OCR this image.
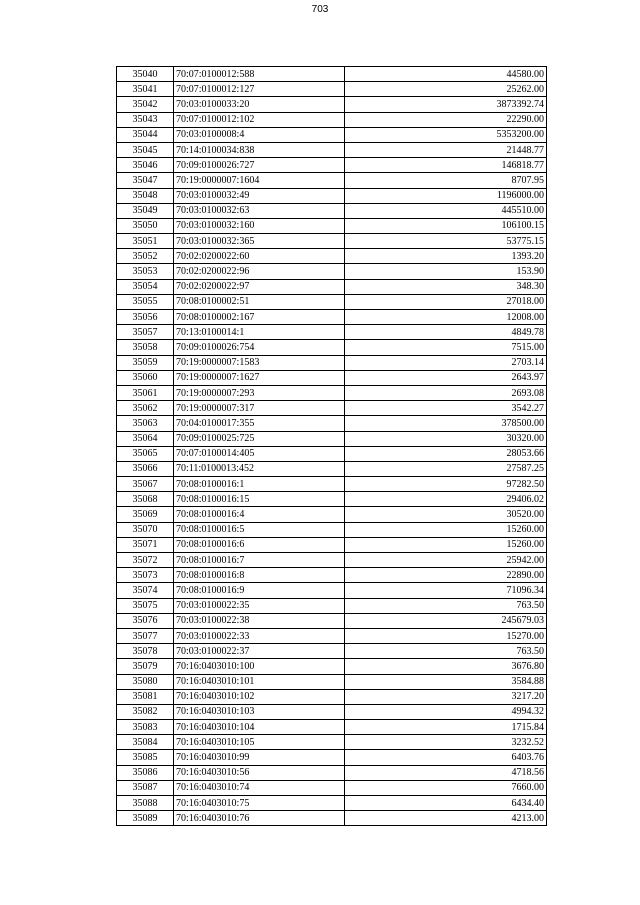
703
35040	70:07:0100012:588	44580.00
35041	70:07:0100012:127	25262.00
35042	70:03:0100033:20	3873392.74
35043	70:07:0100012:102	22290.00
35044	70:03:0100008:4	5353200.00
35045	70:14:0100034:838	21448.77
35046	70:09:0100026:727	146818.77
35047	70:19:0000007:1604	8707.95
35048	70:03:0100032:49	1196000.00
35049	70:03:0100032:63	445510.00
35050	70:03:0100032:160	106100.15
35051	70:03:0100032:365	53775.15
35052	70:02:0200022:60	1393.20
35053	70:02:0200022:96	153.90
35054	70:02:0200022:97	348.30
35055	70:08:0100002:51	27018.00
35056	70:08:0100002:167	12008.00
35057	70:13:0100014:1	4849.78
35058	70:09:0100026:754	7515.00
35059	70:19:0000007:1583	2703.14
35060	70:19:0000007:1627	2643.97
35061	70:19:0000007:293	2693.08
35062	70:19:0000007:317	3542.27
35063	70:04:0100017:355	378500.00
35064	70:09:0100025:725	30320.00
35065	70:07:0100014:405	28053.66
35066	70:11:0100013:452	27587.25
35067	70:08:0100016:1	97282.50
35068	70:08:0100016:15	29406.02
35069	70:08:0100016:4	30520.00
35070	70:08:0100016:5	15260.00
35071	70:08:0100016:6	15260.00
35072	70:08:0100016:7	25942.00
35073	70:08:0100016:8	22890.00
35074	70:08:0100016:9	71096.34
35075	70:03:0100022:35	763.50
35076	70:03:0100022:38	245679.03
35077	70:03:0100022:33	15270.00
35078	70:03:0100022:37	763.50
35079	70:16:0403010:100	3676.80
35080	70:16:0403010:101	3584.88
35081	70:16:0403010:102	3217.20
35082	70:16:0403010:103	4994.32
35083	70:16:0403010:104	1715.84
35084	70:16:0403010:105	3232.52
35085	70:16:0403010:99	6403.76
35086	70:16:0403010:56	4718.56
35087	70:16:0403010:74	7660.00
35088	70:16:0403010:75	6434.40
35089	70:16:0403010:76	4213.00
